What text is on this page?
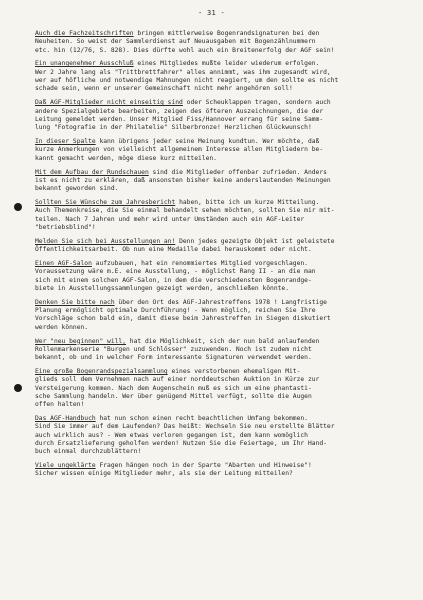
- 31 -

Auch die Fachzeitschriften bringen mittlerweise Bogenrandsignaturen bei den
Neuheiten. So weist der Sammlerdienst auf Neuausgaben mit Bogenzählnummern
etc. hin (12/76, S. 828). Dies dürfte wohl auch ein Breitenerfolg der AGF sein!

Ein unangenehmer Ausschluß eines Mitgliedes mußte leider wiederum erfolgen.
Wer 2 Jahre lang als "Trittbrettfahrer" alles annimmt, was ihm zugesandt wird,
wer auf höfliche und notwendige Mahnungen nicht reagiert, um den sollte es nicht
schade sein, wenn er unserer Gemeinschaft nicht mehr angehören soll!

Daß AGF-Mitglieder nicht einseitig sind oder Scheuklappen tragen, sondern auch
andere Spezialgebiete bearbeiten, zeigen des öfteren Auszeichnungen, die der
Leitung gemeldet werden. Unser Mitglied Fiss/Hannover errang für seine Samm-
lung "Fotografie in der Philatelie" Silberbronze! Herzlichen Glückwunsch!

In dieser Spalte kann übrigens jeder seine Meinung kundtun. Wer möchte, daß
kurze Anmerkungen von vielleicht allgemeinem Interesse allen Mitgliedern be-
kannt gemacht werden, möge diese kurz mitteilen.

Mit dem Aufbau der Rundschauen sind die Mitglieder offenbar zufrieden. Anders
ist es nicht zu erklären, daß ansonsten bisher keine anderslautenden Meinungen
bekannt geworden sind.

Sollten Sie Wünsche zum Jahresbericht haben, bitte ich um kurze Mitteilung.
Auch Themenkreise, die Sie einmal behandelt sehen möchten, sollten Sie mir mit-
teilen. Nach 7 Jahren und mehr wird unter Umständen auch ein AGF-Leiter
"betriebsblind"!

Melden Sie sich bei Ausstellungen an! Denn jedes gezeigte Objekt ist geleistete
Öffentlichkeitsarbeit. Ob nun eine Medaille dabei herauskommt oder nicht.

Einen AGF-Salon aufzubauen, hat ein renommiertes Mitglied vorgeschlagen.
Voraussetzung wäre m.E. eine Ausstellung, - möglichst Rang II - an die man
sich mit einem solchen AGF-Salon, in dem die verschiedensten Bogenrandge-
biete in Ausstellungssammlungen gezeigt werden, anschließen könnte.

Denken Sie bitte nach über den Ort des AGF-Jahrestreffens 1978 ! Langfristige
Planung ermöglicht optimale Durchführung! - Wenn möglich, reichen Sie Ihre
Vorschläge schon bald ein, damit diese beim Jahrestreffen in Siegen diskutiert
werden können.

Wer "neu beginnen" will, hat die Möglichkeit, sich der nun bald anlaufenden
Rollenmarkenserie "Burgen und Schlösser" zuzuwenden. Noch ist zudem nicht
bekannt, ob und in welcher Form interessante Signaturen verwendet werden.

Eine große Bogenrandspezialsammlung eines verstorbenen ehemaligen Mit-
glieds soll dem Vernehmen nach auf einer norddeutschen Auktion in Kürze zur
Versteigerung kommen. Nach dem Augenschein muß es sich um eine phantasti-
sche Sammlung handeln. Wer über genügend Mittel verfügt, sollte die Augen
offen halten!

Das AGF-Handbuch hat nun schon einen recht beachtlichen Umfang bekommen.
Sind Sie immer auf dem Laufenden? Das heißt: Wechseln Sie neu erstellte Blätter
auch wirklich aus? - Wem etwas verloren gegangen ist, dem kann womöglich
durch Ersatzlieferung geholfen werden! Nutzen Sie die Feiertage, um Ihr Hand-
buch einmal durchzublättern!

Viele ungeklärte Fragen hängen noch in der Sparte "Abarten und Hinweise"!
Sicher wissen einige Mitglieder mehr, als sie der Leitung mitteilen?
